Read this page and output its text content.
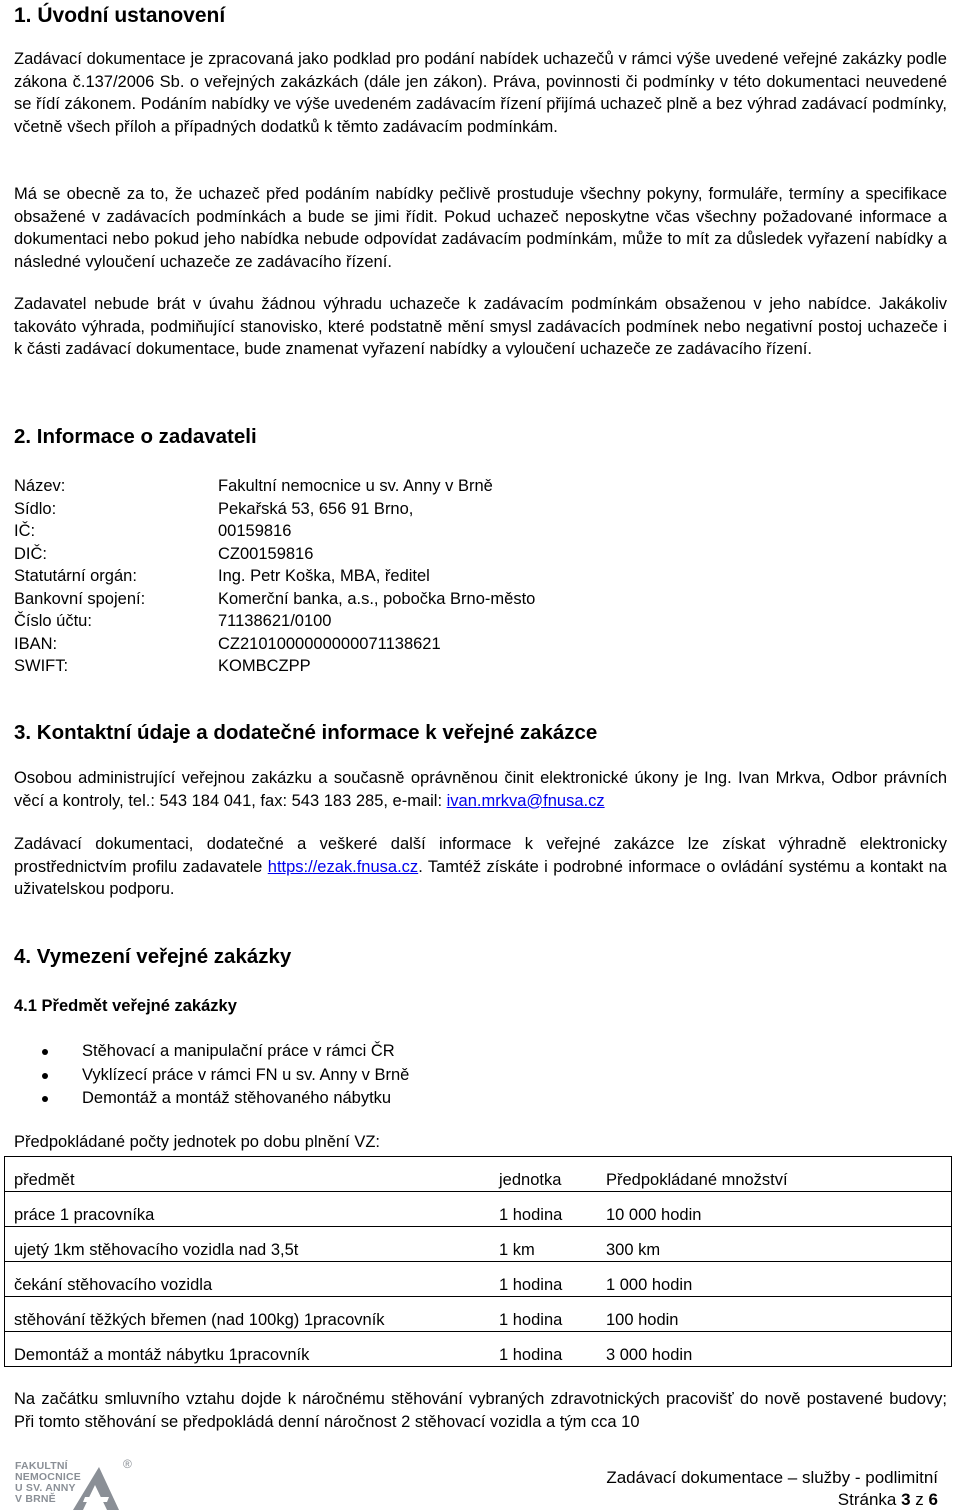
1. Úvodní ustanovení

Zadávací dokumentace je zpracovaná jako podklad pro podání nabídek uchazečů v rámci výše uvedené veřejné zakázky podle zákona č.137/2006 Sb. o veřejných zakázkách (dále jen zákon). Práva, povinnosti či podmínky v této dokumentaci neuvedené se řídí zákonem. Podáním nabídky ve výše uvedeném zadávacím řízení přijímá uchazeč plně a bez výhrad zadávací podmínky, včetně všech příloh a případných dodatků k těmto zadávacím podmínkám.

Má se obecně za to, že uchazeč před podáním nabídky pečlivě prostuduje všechny pokyny, formuláře, termíny a specifikace obsažené v zadávacích podmínkách a bude se jimi řídit. Pokud uchazeč neposkytne včas všechny požadované informace a dokumentaci nebo pokud jeho nabídka nebude odpovídat zadávacím podmínkám, může to mít za důsledek vyřazení nabídky a následné vyloučení uchazeče ze zadávacího řízení.

Zadavatel nebude brát v úvahu žádnou výhradu uchazeče k zadávacím podmínkám obsaženou v jeho nabídce. Jakákoliv takováto výhrada, podmiňující stanovisko, které podstatně mění smysl zadávacích podmínek nebo negativní postoj uchazeče i k části zadávací dokumentace, bude znamenat vyřazení nabídky a vyloučení uchazeče ze zadávacího řízení.

2. Informace o zadavateli
Název:	Fakultní nemocnice u sv. Anny v Brně
Sídlo:	Pekařská 53, 656 91 Brno,
IČ:	00159816
DIČ:	CZ00159816
Statutární orgán:	Ing. Petr Koška, MBA, ředitel
Bankovní spojení:	Komerční banka, a.s., pobočka Brno-město
Číslo účtu:	71138621/0100
IBAN:	CZ2101000000000071138621
SWIFT:	KOMBCZPP
3. Kontaktní údaje a dodatečné informace k veřejné zakázce

Osobou administrující veřejnou zakázku a současně oprávněnou činit elektronické úkony je Ing. Ivan Mrkva, Odbor právních věcí a kontroly, tel.: 543 184 041, fax: 543 183 285, e-mail: ivan.mrkva@fnusa.cz

Zadávací dokumentaci, dodatečné a veškeré další informace k veřejné zakázce lze získat výhradně elektronicky prostřednictvím profilu zadavatele https://ezak.fnusa.cz. Tamtéž získáte i podrobné informace o ovládání systému a kontakt na uživatelskou podporu.

4. Vymezení veřejné zakázky
4.1 Předmět veřejné zakázky
Stěhovací a manipulační práce v rámci ČR
Vyklízecí práce v rámci FN u sv. Anny v Brně
Demontáž a montáž stěhovaného nábytku
Předpokládané počty jednotek po dobu plnění VZ:
předmět	jednotka	Předpokládané množství
práce 1 pracovníka	1 hodina	10 000 hodin
ujetý 1km stěhovacího vozidla nad 3,5t	1 km	300 km
čekání stěhovacího vozidla	1 hodina	1 000 hodin
stěhování těžkých břemen (nad 100kg) 1pracovník	1 hodina	100 hodin
Demontáž a montáž nábytku 1pracovník	1 hodina	3 000 hodin

Na začátku smluvního vztahu dojde k náročnému stěhování vybraných zdravotnických pracovišť do nově postavené budovy; Při tomto stěhování se předpokládá denní náročnost 2 stěhovací vozidla a tým cca 10

FAKULTNÍ
NEMOCNICE
U SV. ANNY
V BRNĚ
®
Zadávací dokumentace – služby - podlimitní
Stránka 3 z 6
